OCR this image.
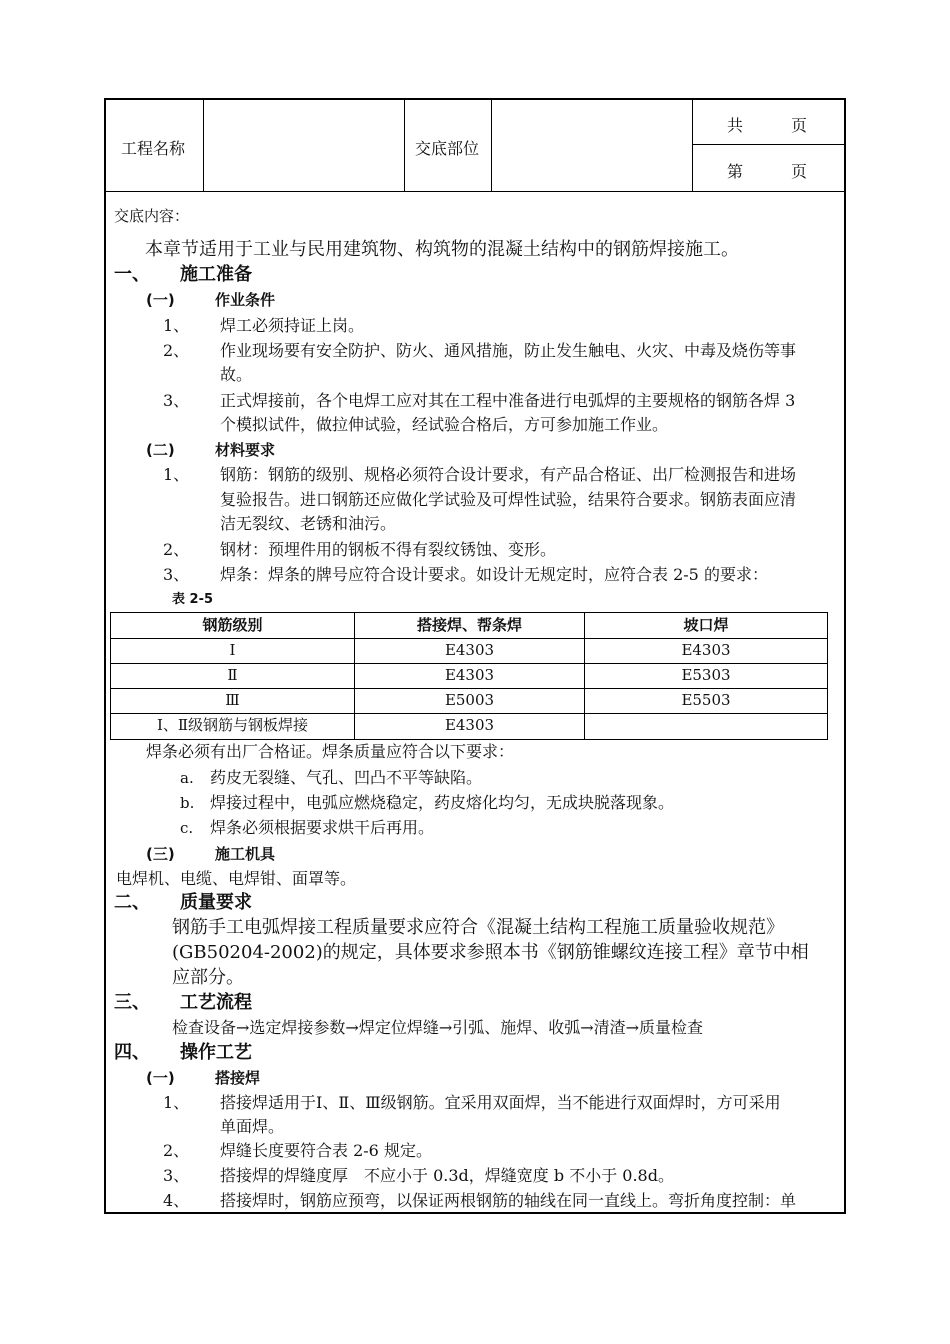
工程名称	交底部位
共　　　页
第　　　页
交底内容：
本章节适用于工业与民用建筑物、构筑物的混凝土结构中的钢筋焊接施工。
一、 施工准备
(一)	作业条件
1、 焊工必须持证上岗。
2、 作业现场要有安全防护、防火、通风措施，防止发生触电、火灾、中毒及烧伤等事
故。
3、 正式焊接前，各个电焊工应对其在工程中准备进行电弧焊的主要规格的钢筋各焊 3
个模拟试件，做拉伸试验，经试验合格后，方可参加施工作业。
(二)	材料要求
1、 钢筋：钢筋的级别、规格必须符合设计要求，有产品合格证、出厂检测报告和进场
复验报告。进口钢筋还应做化学试验及可焊性试验，结果符合要求。钢筋表面应清
洁无裂纹、老锈和油污。
2、 钢材：预埋件用的钢板不得有裂纹锈蚀、变形。
3、 焊条：焊条的牌号应符合设计要求。如设计无规定时，应符合表 2-5 的要求：
表 2-5
钢筋级别	搭接焊、帮条焊	坡口焊
Ⅰ	E4303	E4303
Ⅱ	E4303	E5303
Ⅲ	E5003	E5503
Ⅰ、Ⅱ级钢筋与钢板焊接	E4303
焊条必须有出厂合格证。焊条质量应符合以下要求：
a. 药皮无裂缝、气孔、凹凸不平等缺陷。
b. 焊接过程中，电弧应燃烧稳定，药皮熔化均匀，无成块脱落现象。
c. 焊条必须根据要求烘干后再用。
(三)	施工机具
电焊机、电缆、电焊钳、面罩等。
二、 质量要求
钢筋手工电弧焊接工程质量要求应符合《混凝土结构工程施工质量验收规范》
(GB50204-2002)的规定，具体要求参照本书《钢筋锥螺纹连接工程》章节中相
应部分。
三、 工艺流程
检查设备→选定焊接参数→焊定位焊缝→引弧、施焊、收弧→清渣→质量检查
四、 操作工艺
(一)	搭接焊
1、 搭接焊适用于Ⅰ、Ⅱ、Ⅲ级钢筋。宜采用双面焊，当不能进行双面焊时，方可采用
单面焊。
2、 焊缝长度要符合表 2-6 规定。
3、 搭接焊的焊缝度厚　不应小于 0.3d，焊缝宽度 b 不小于 0.8d。
4、 搭接焊时，钢筋应预弯，以保证两根钢筋的轴线在同一直线上。弯折角度控制：单
